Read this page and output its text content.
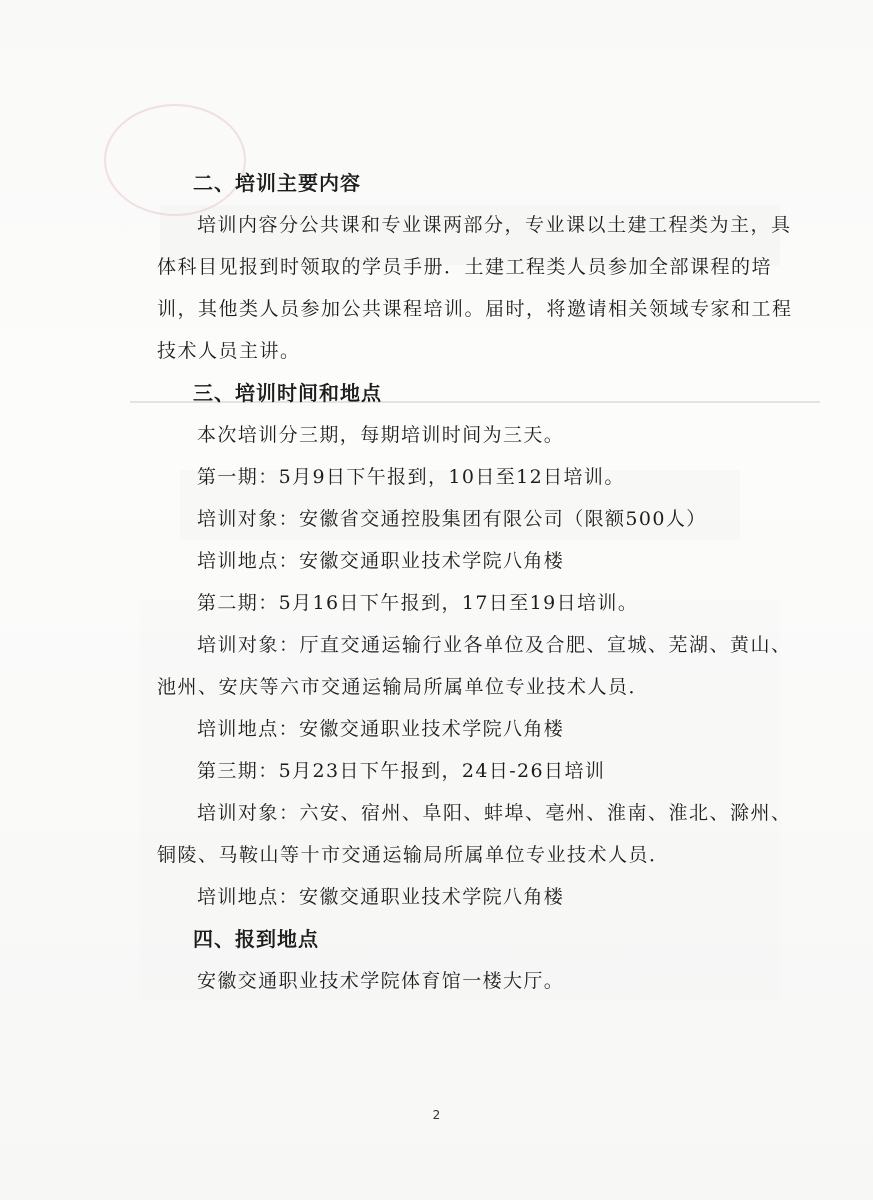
二、培训主要内容

培训内容分公共课和专业课两部分，专业课以土建工程类为主，具体科目见报到时领取的学员手册．土建工程类人员参加全部课程的培训，其他类人员参加公共课程培训。届时，将邀请相关领域专家和工程技术人员主讲。

三、培训时间和地点
本次培训分三期，每期培训时间为三天。
第一期：5月9日下午报到，10日至12日培训。
培训对象：安徽省交通控股集团有限公司（限额500人）
培训地点：安徽交通职业技术学院八角楼
第二期：5月16日下午报到，17日至19日培训。

培训对象：厅直交通运输行业各单位及合肥、宣城、芜湖、黄山、池州、安庆等六市交通运输局所属单位专业技术人员．

培训地点：安徽交通职业技术学院八角楼
第三期：5月23日下午报到，24日-26日培训

培训对象：六安、宿州、阜阳、蚌埠、亳州、淮南、淮北、滁州、铜陵、马鞍山等十市交通运输局所属单位专业技术人员．

培训地点：安徽交通职业技术学院八角楼
四、报到地点
安徽交通职业技术学院体育馆一楼大厅。
2
